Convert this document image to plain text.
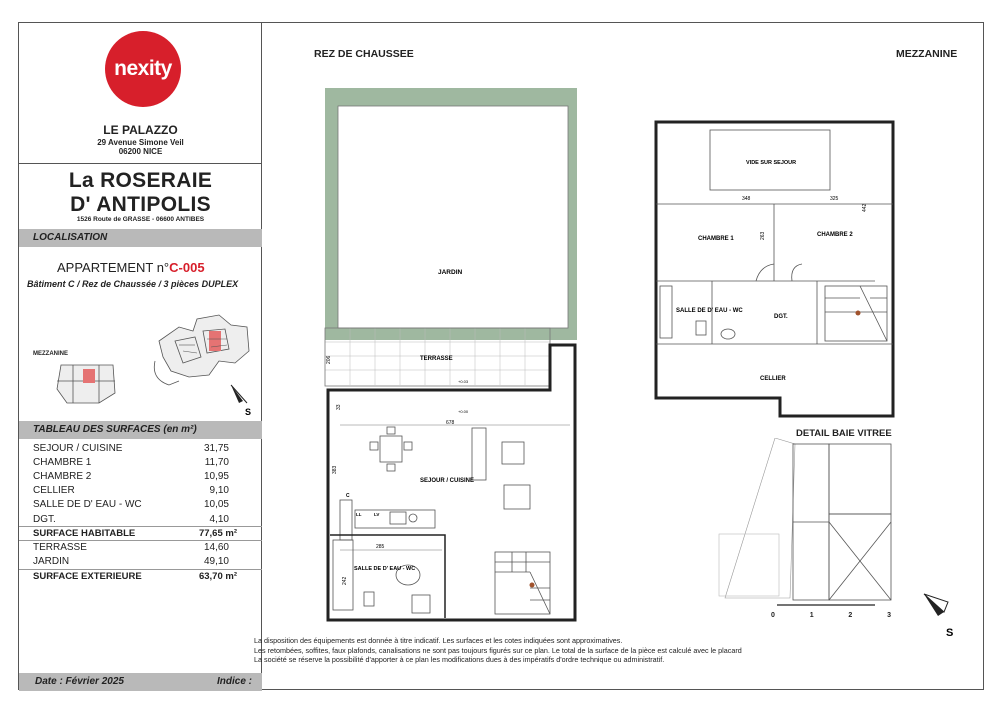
nexity
LE PALAZZO
29 Avenue Simone Veil
06200 NICE
La ROSERAIE
D' ANTIPOLIS
1526 Route de GRASSE - 06600 ANTIBES
LOCALISATION
APPARTEMENT n°C-005
Bâtiment C / Rez de Chaussée / 3 pièces DUPLEX
MEZZANINE
S
TABLEAU DES SURFACES (en m²)
SEJOUR / CUISINE	31,75
CHAMBRE 1	11,70
CHAMBRE 2	10,95
CELLIER	9,10
SALLE DE D' EAU - WC	10,05
DGT.	4,10
SURFACE HABITABLE	77,65 m²
TERRASSE	14,60
JARDIN	49,10
SURFACE EXTERIEURE	63,70 m²
Date : Février 2025	Indice :
REZ DE CHAUSSEE	MEZZANINE
DETAIL BAIE VITREE
JARDIN
TERRASSE
206
+0.03
+0.00
33
678
383
SEJOUR / CUISINE
C
LL	LV
285
242
SALLE DE D' EAU - WC
VIDE SUR SEJOUR
348	325
263
442
CHAMBRE 1
CHAMBRE 2
SALLE DE D' EAU - WC
DGT.
CELLIER
0	1	2	3
S
La disposition des équipements est donnée à titre indicatif. Les surfaces et les cotes indiquées sont approximatives.
Les retombées, soffites, faux plafonds, canalisations ne sont pas toujours figurés sur ce plan. Le total de la surface de la pièce est calculé avec le placard
La société se réserve la possibilité d'apporter à ce plan les modifications dues à des impératifs d'ordre technique ou administratif.
